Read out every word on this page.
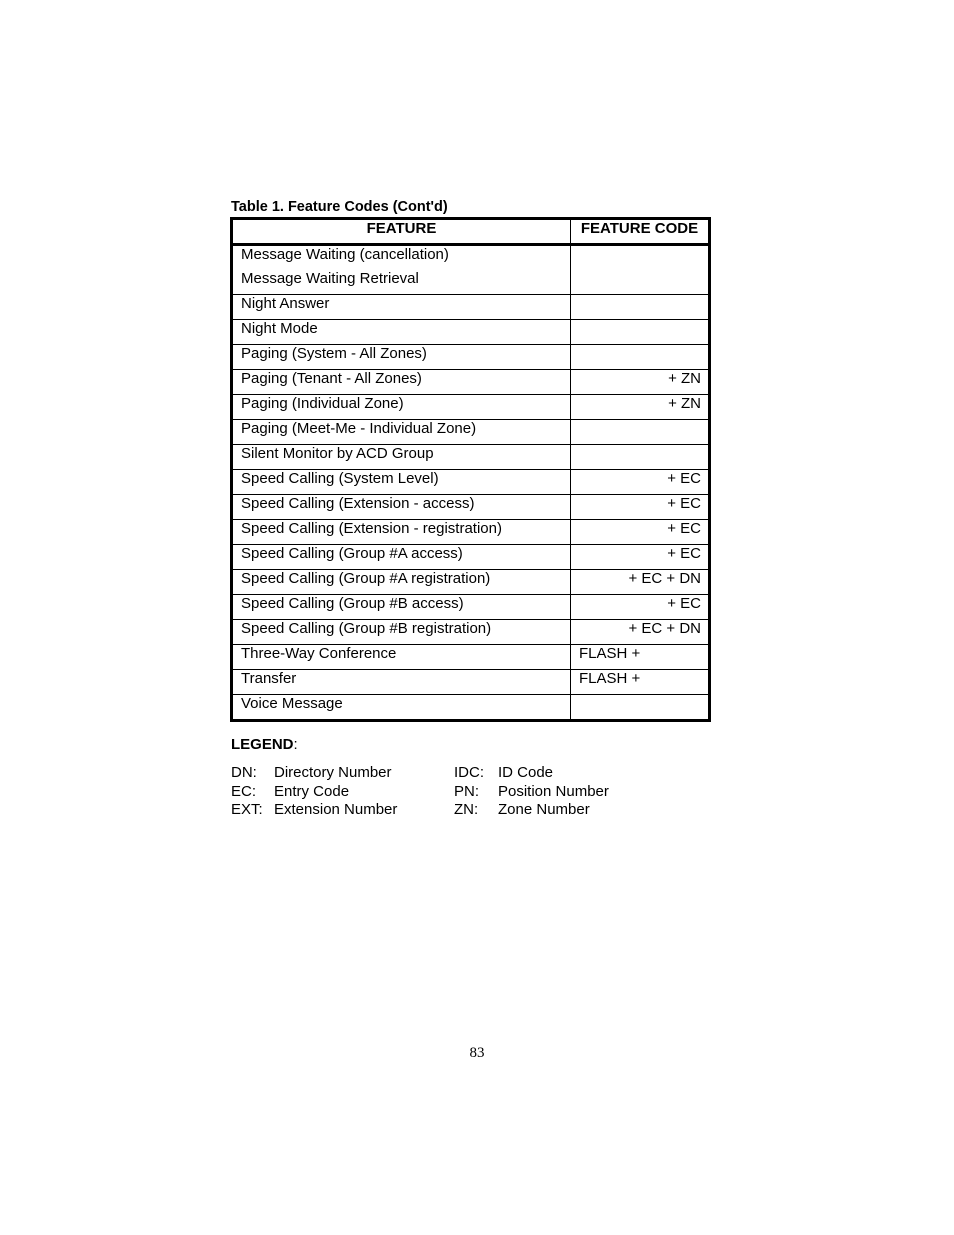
Table 1. Feature Codes (Cont'd)
FEATURE	FEATURE CODE
Message Waiting (cancellation)	
Message Waiting Retrieval	
Night Answer	
Night Mode	
Paging (System - All Zones)	
Paging (Tenant - All Zones)	+ ZN
Paging (Individual Zone)	+ ZN
Paging (Meet-Me - Individual Zone)	
Silent Monitor by ACD Group	
Speed Calling (System Level)	+ EC
Speed Calling (Extension - access)	+ EC
Speed Calling (Extension - registration)	+ EC
Speed Calling (Group #A access)	+ EC
Speed Calling (Group #A registration)	+ EC + DN
Speed Calling (Group #B access)	+ EC
Speed Calling (Group #B registration)	+ EC + DN
Three-Way Conference	FLASH +
Transfer	FLASH +
Voice Message	
LEGEND:
DN: Directory Number
EC: Entry Code
EXT: Extension Number
IDC: ID Code
PN: Position Number
ZN: Zone Number
83
